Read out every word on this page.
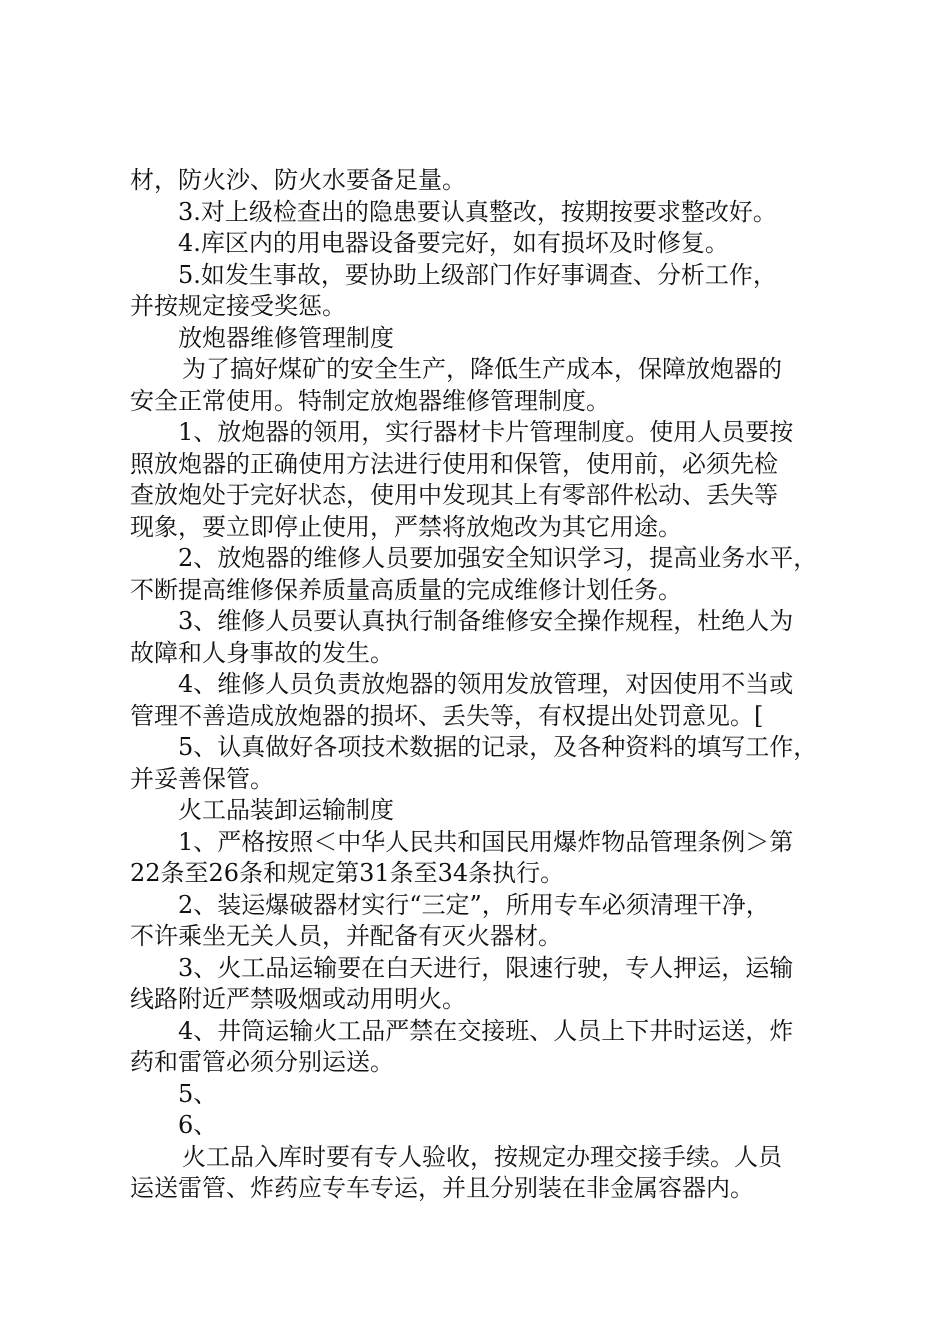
材，防火沙、防火水要备足量。
3.对上级检查出的隐患要认真整改，按期按要求整改好。
4.库区内的用电器设备要完好，如有损坏及时修复。
5.如发生事故，要协助上级部门作好事调查、分析工作，
并按规定接受奖惩。
放炮器维修管理制度
为了搞好煤矿的安全生产，降低生产成本，保障放炮器的
安全正常使用。特制定放炮器维修管理制度。
1、放炮器的领用，实行器材卡片管理制度。使用人员要按
照放炮器的正确使用方法进行使用和保管，使用前，必须先检
查放炮处于完好状态，使用中发现其上有零部件松动、丢失等
现象，要立即停止使用，严禁将放炮改为其它用途。
2、放炮器的维修人员要加强安全知识学习，提高业务水平，
不断提高维修保养质量高质量的完成维修计划任务。
3、维修人员要认真执行制备维修安全操作规程，杜绝人为
故障和人身事故的发生。
4、维修人员负责放炮器的领用发放管理，对因使用不当或
管理不善造成放炮器的损坏、丢失等，有权提出处罚意见。[
5、认真做好各项技术数据的记录，及各种资料的填写工作，
并妥善保管。
火工品装卸运输制度
1、严格按照＜中华人民共和国民用爆炸物品管理条例＞第
22条至26条和规定第31条至34条执行。
2、装运爆破器材实行“三定”，所用专车必须清理干净，
不许乘坐无关人员，并配备有灭火器材。
3、火工品运输要在白天进行，限速行驶，专人押运，运输
线路附近严禁吸烟或动用明火。
4、井筒运输火工品严禁在交接班、人员上下井时运送，炸
药和雷管必须分别运送。
5、
6、
火工品入库时要有专人验收，按规定办理交接手续。人员
运送雷管、炸药应专车专运，并且分别装在非金属容器内。
